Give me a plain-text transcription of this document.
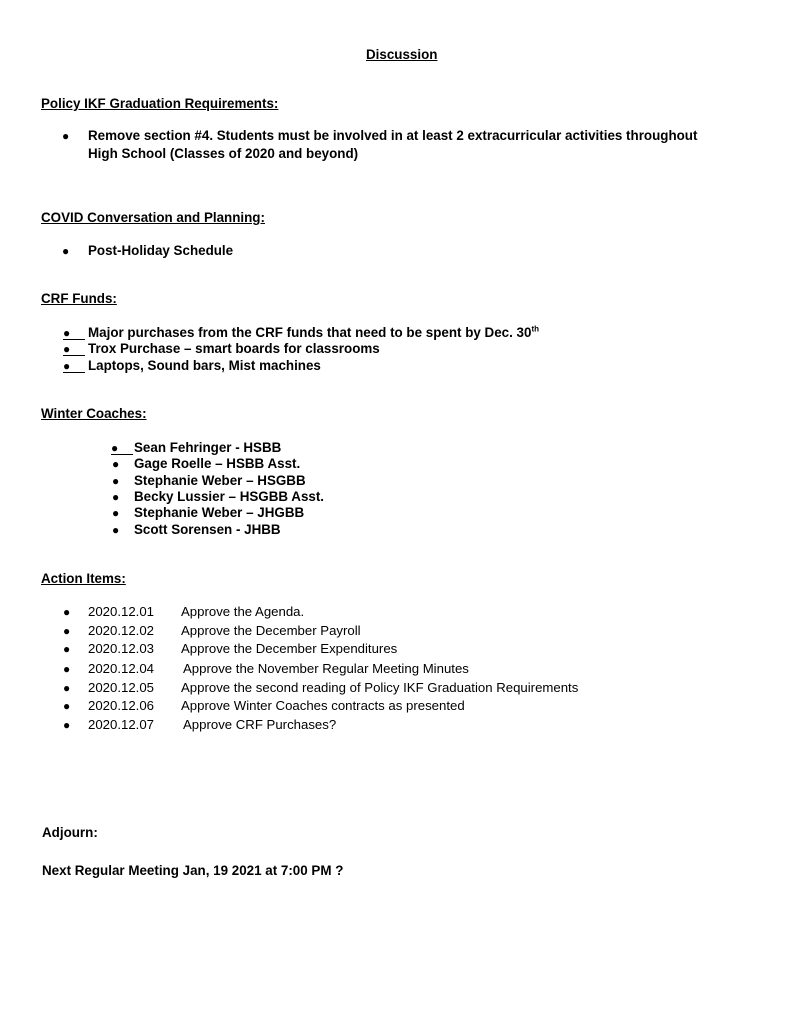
Discussion
Policy IKF Graduation Requirements:
● Remove section #4. Students must be involved in at least 2 extracurricular activities throughout
High School (Classes of 2020 and beyond)
COVID Conversation and Planning:
● Post-Holiday Schedule
CRF Funds:
●	Major purchases from the CRF funds that need to be spent by Dec. 30th
●	Trox Purchase – smart boards for classrooms
●	Laptops, Sound bars, Mist machines
Winter Coaches:
●	Sean Fehringer - HSBB
● Gage Roelle – HSBB Asst.
● Stephanie Weber – HSGBB
● Becky Lussier – HSGBB Asst.
● Stephanie Weber – JHGBB
● Scott Sorensen - JHBB
Action Items:
● 2020.12.01 Approve the Agenda.
● 2020.12.02 Approve the December Payroll
● 2020.12.03 Approve the December Expenditures
● 2020.12.04 Approve the November Regular Meeting Minutes
● 2020.12.05 Approve the second reading of Policy IKF Graduation Requirements
● 2020.12.06 Approve Winter Coaches contracts as presented
● 2020.12.07 Approve CRF Purchases?
Adjourn:
Next Regular Meeting Jan, 19 2021 at 7:00 PM ?
